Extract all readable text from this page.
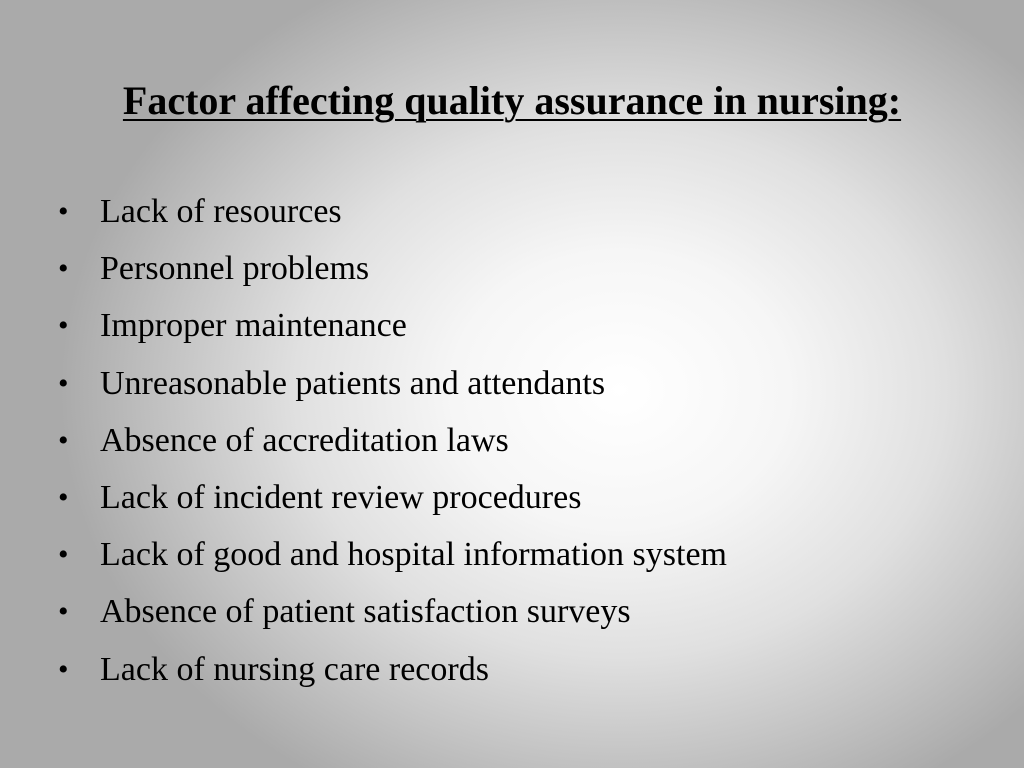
Factor affecting quality assurance in nursing:
• Lack of resources
• Personnel problems
• Improper maintenance
• Unreasonable patients and attendants
• Absence of accreditation laws
• Lack of incident review procedures
• Lack of good and hospital information system
• Absence of patient satisfaction surveys
• Lack of nursing care records
